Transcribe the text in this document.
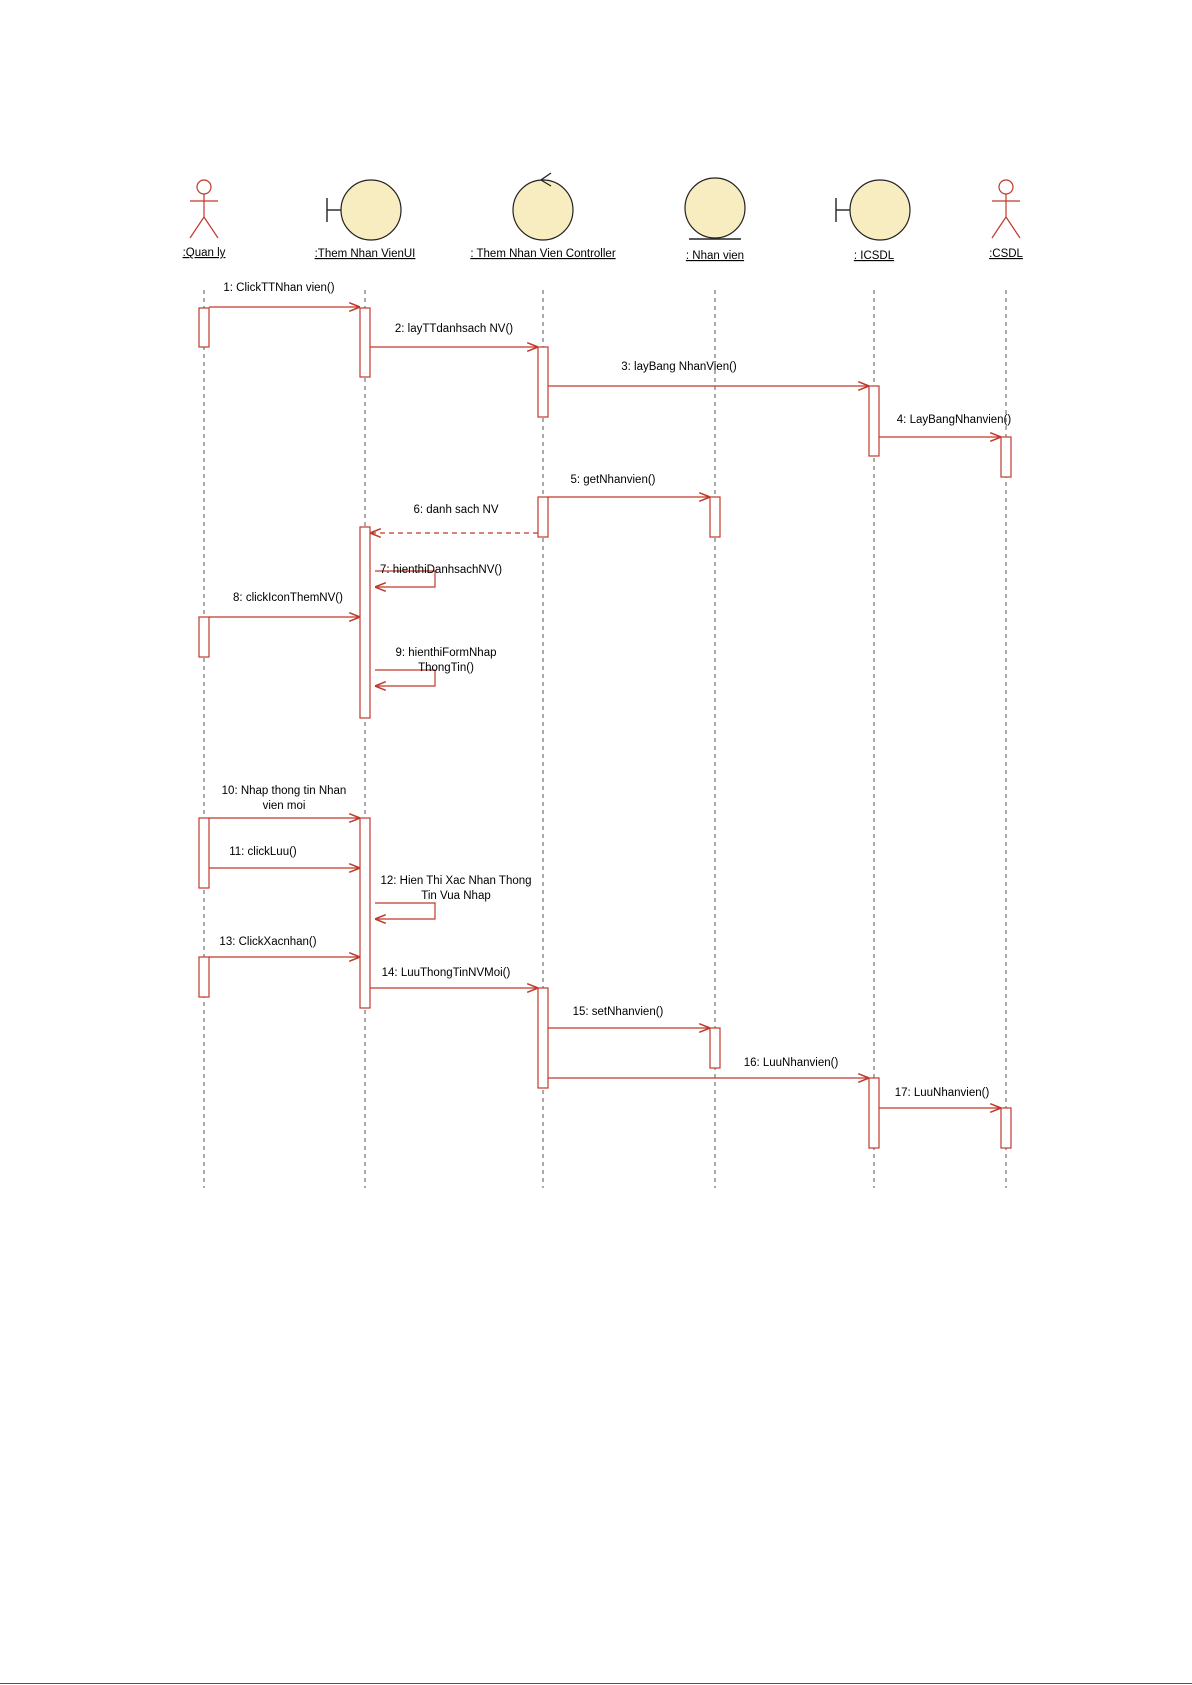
:Quan ly	:Them Nhan VienUI	: Them Nhan Vien Controller	: Nhan vien	: ICSDL	:CSDL
1: ClickTTNhan vien()
2: layTTdanhsach NV()
3: layBang NhanVien()
4: LayBangNhanvien()
5: getNhanvien()
6: danh sach NV
7: hienthiDanhsachNV()
8: clickIconThemNV()
9: hienthiFormNhap ThongTin()
10: Nhap thong tin Nhan vien moi
11: clickLuu()
12: Hien Thi Xac Nhan Thong Tin Vua Nhap
13: ClickXacnhan()
14: LuuThongTinNVMoi()
15: setNhanvien()
16: LuuNhanvien()
17: LuuNhanvien()
